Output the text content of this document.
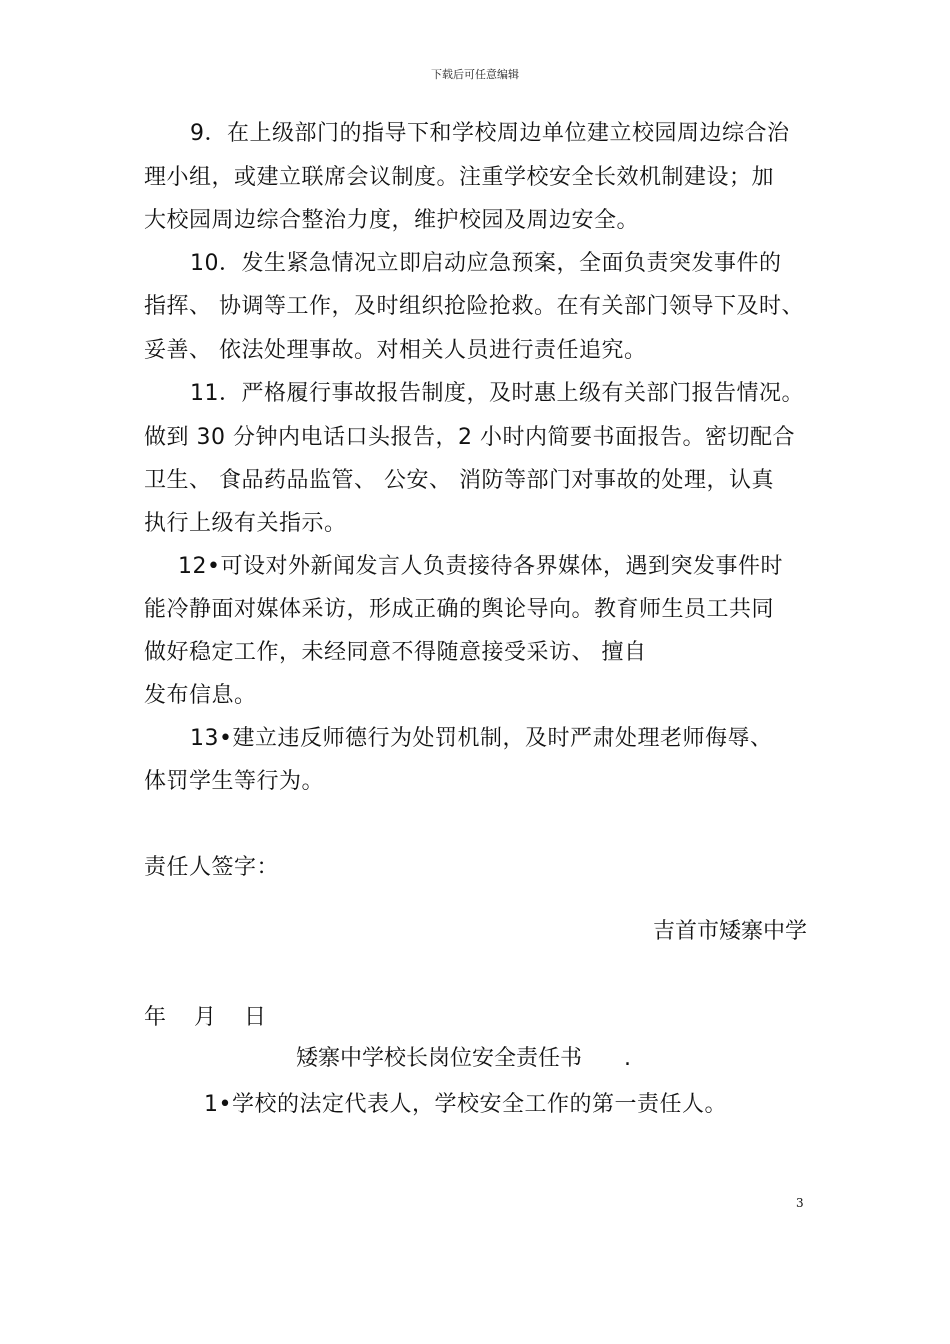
下载后可任意编辑
9．在上级部门的指导下和学校周边单位建立校园周边综合治
理小组，或建立联席会议制度。注重学校安全长效机制建设；加
大校园周边综合整治力度，维护校园及周边安全。
10．发生紧急情况立即启动应急预案，全面负责突发事件的
指挥、 协调等工作，及时组织抢险抢救。在有关部门领导下及时、
妥善、 依法处理事故。对相关人员进行责任追究。
11．严格履行事故报告制度，及时惠上级有关部门报告情况。
做到 30 分钟内电话口头报告，2 小时内简要书面报告。密切配合
卫生、 食品药品监管、 公安、 消防等部门对事故的处理，认真
执行上级有关指示。
12•可设对外新闻发言人负责接待各界媒体，遇到突发事件时
能冷静面对媒体采访，形成正确的舆论导向。教育师生员工共同
做好稳定工作，未经同意不得随意接受采访、 擅自
发布信息。
13•建立违反师德行为处罚机制，及时严肃处理老师侮辱、
体罚学生等行为。
责任人签字：
吉首市矮寨中学
年    月    日
矮寨中学校长岗位安全责任书      .
1•学校的法定代表人，学校安全工作的第一责任人。
3
